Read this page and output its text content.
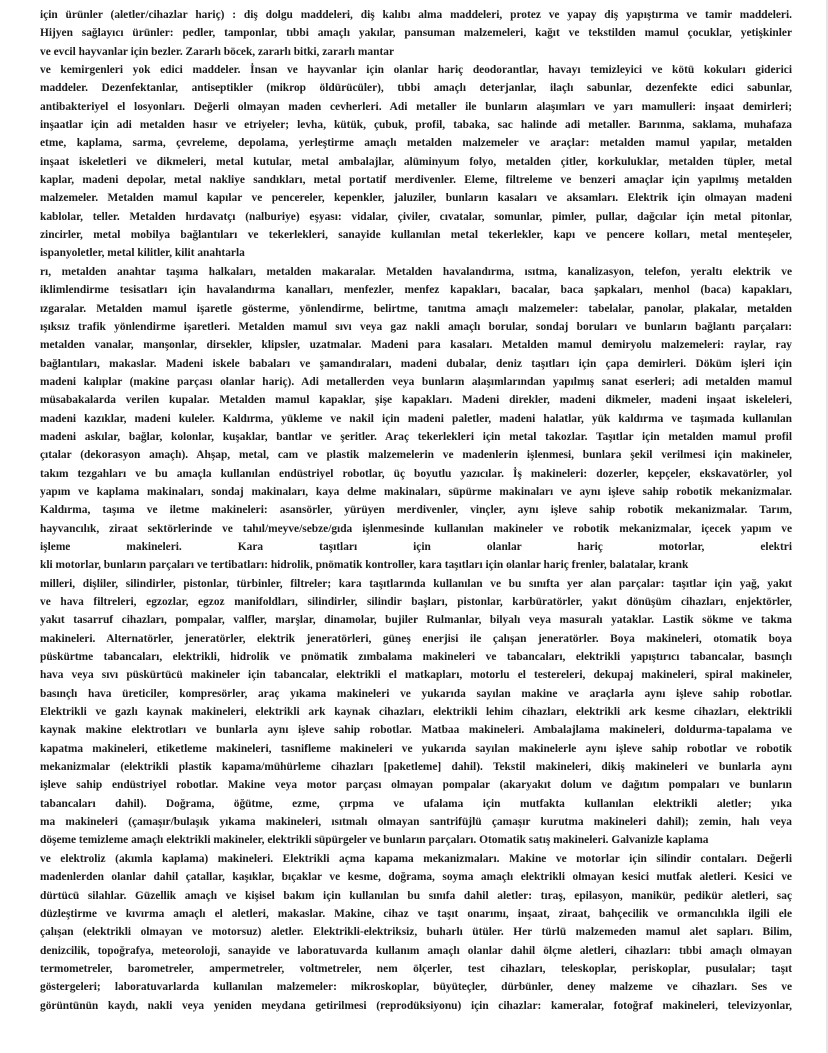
için ürünler (aletler/cihazlar hariç) : diş dolgu maddeleri, diş kalıbı alma maddeleri, protez ve yapay diş yapıştırma ve tamir maddeleri.
Hijyen sağlayıcı ürünler: pedler, tamponlar, tıbbi amaçlı yakılar, pansuman malzemeleri, kağıt ve tekstilden mamul çocuklar, yetişkinler
ve evcil hayvanlar için bezler. Zararlı böcek, zararlı bitki, zararlı mantar
ve kemirgenleri yok edici maddeler. İnsan ve hayvanlar için olanlar hariç deodorantlar, havayı temizleyici ve kötü kokuları giderici
maddeler. Dezenfektanlar, antiseptikler (mikrop öldürücüler), tıbbi amaçlı deterjanlar, ilaçlı sabunlar, dezenfekte edici sabunlar,
antibakteriyel el losyonları. Değerli olmayan maden cevherleri. Adi metaller ile bunların alaşımları ve yarı mamulleri: inşaat demirleri;
inşaatlar için adi metalden hasır ve etriyeler; levha, kütük, çubuk, profil, tabaka, sac halinde adi metaller. Barınma, saklama, muhafaza
etme, kaplama, sarma, çevreleme, depolama, yerleştirme amaçlı metalden malzemeler ve araçlar: metalden mamul yapılar, metalden
inşaat iskeletleri ve dikmeleri, metal kutular, metal ambalajlar, alüminyum folyo, metalden çitler, korkuluklar, metalden tüpler, metal
kaplar, madeni depolar, metal nakliye sandıkları, metal portatif merdivenler. Eleme, filtreleme ve benzeri amaçlar için yapılmış metalden
malzemeler. Metalden mamul kapılar ve pencereler, kepenkler, jaluziler, bunların kasaları ve aksamları. Elektrik için olmayan madeni
kablolar, teller. Metalden hırdavatçı (nalburiye) eşyası: vidalar, çiviler, cıvatalar, somunlar, pimler, pullar, dağcılar için metal pitonlar,
zincirler, metal mobilya bağlantıları ve tekerlekleri, sanayide kullanılan metal tekerlekler, kapı ve pencere kolları, metal menteşeler,
ispanyoletler, metal kilitler, kilit anahtarla
rı, metalden anahtar taşıma halkaları, metalden makaralar. Metalden havalandırma, ısıtma, kanalizasyon, telefon, yeraltı elektrik ve
iklimlendirme tesisatları için havalandırma kanalları, menfezler, menfez kapakları, bacalar, baca şapkaları, menhol (baca) kapakları,
ızgaralar. Metalden mamul işaretle gösterme, yönlendirme, belirtme, tanıtma amaçlı malzemeler: tabelalar, panolar, plakalar, metalden
ışıksız trafik yönlendirme işaretleri. Metalden mamul sıvı veya gaz nakli amaçlı borular, sondaj boruları ve bunların bağlantı parçaları:
metalden vanalar, manşonlar, dirsekler, klipsler, uzatmalar. Madeni para kasaları. Metalden mamul demiryolu malzemeleri: raylar, ray
bağlantıları, makaslar. Madeni iskele babaları ve şamandıraları, madeni dubalar, deniz taşıtları için çapa demirleri. Döküm işleri için
madeni kalıplar (makine parçası olanlar hariç). Adi metallerden veya bunların alaşımlarından yapılmış sanat eserleri; adi metalden mamul
müsabakalarda verilen kupalar. Metalden mamul kapaklar, şişe kapakları. Madeni direkler, madeni dikmeler, madeni inşaat iskeleleri,
madeni kazıklar, madeni kuleler. Kaldırma, yükleme ve nakil için madeni paletler, madeni halatlar, yük kaldırma ve taşımada kullanılan
madeni askılar, bağlar, kolonlar, kuşaklar, bantlar ve şeritler. Araç tekerlekleri için metal takozlar. Taşıtlar için metalden mamul profil
çıtalar (dekorasyon amaçlı). Ahşap, metal, cam ve plastik malzemelerin ve madenlerin işlenmesi, bunlara şekil verilmesi için makineler,
takım tezgahları ve bu amaçla kullanılan endüstriyel robotlar, üç boyutlu yazıcılar. İş makineleri: dozerler, kepçeler, ekskavatörler, yol
yapım ve kaplama makinaları, sondaj makinaları, kaya delme makinaları, süpürme makinaları ve aynı işleve sahip robotik mekanizmalar.
Kaldırma, taşıma ve iletme makineleri: asansörler, yürüyen merdivenler, vinçler, aynı işleve sahip robotik mekanizmalar. Tarım,
hayvancılık, ziraat sektörlerinde ve tahıl/meyve/sebze/gıda işlenmesinde kullanılan makineler ve robotik mekanizmalar, içecek yapım ve
işleme makineleri. Kara taşıtları için olanlar hariç motorlar, elektri
kli motorlar, bunların parçaları ve tertibatları: hidrolik, pnömatik kontroller, kara taşıtları için olanlar hariç frenler, balatalar, krank
milleri, dişliler, silindirler, pistonlar, türbinler, filtreler; kara taşıtlarında kullanılan ve bu sınıfta yer alan parçalar: taşıtlar için yağ, yakıt
ve hava filtreleri, egzozlar, egzoz manifoldları, silindirler, silindir başları, pistonlar, karbüratörler, yakıt dönüşüm cihazları, enjektörler,
yakıt tasarruf cihazları, pompalar, valfler, marşlar, dinamolar, bujiler Rulmanlar, bilyalı veya masuralı yataklar. Lastik sökme ve takma
makineleri. Alternatörler, jeneratörler, elektrik jeneratörleri, güneş enerjisi ile çalışan jeneratörler. Boya makineleri, otomatik boya
püskürtme tabancaları, elektrikli, hidrolik ve pnömatik zımbalama makineleri ve tabancaları, elektrikli yapıştırıcı tabancalar, basınçlı
hava veya sıvı püskürtücü makineler için tabancalar, elektrikli el matkapları, motorlu el testereleri, dekupaj makineleri, spiral makineler,
basınçlı hava üreticiler, kompresörler, araç yıkama makineleri ve yukarıda sayılan makine ve araçlarla aynı işleve sahip robotlar.
Elektrikli ve gazlı kaynak makineleri, elektrikli ark kaynak cihazları, elektrikli lehim cihazları, elektrikli ark kesme cihazları, elektrikli
kaynak makine elektrotları ve bunlarla aynı işleve sahip robotlar. Matbaa makineleri. Ambalajlama makineleri, doldurma-tapalama ve
kapatma makineleri, etiketleme makineleri, tasnifleme makineleri ve yukarıda sayılan makinelerle aynı işleve sahip robotlar ve robotik
mekanizmalar (elektrikli plastik kapama/mühürleme cihazları [paketleme] dahil). Tekstil makineleri, dikiş makineleri ve bunlarla aynı
işleve sahip endüstriyel robotlar. Makine veya motor parçası olmayan pompalar (akaryakıt dolum ve dağıtım pompaları ve bunların
tabancaları dahil). Doğrama, öğütme, ezme, çırpma ve ufalama için mutfakta kullanılan elektrikli aletler; yıka
ma makineleri (çamaşır/bulaşık yıkama makineleri, ısıtmalı olmayan santrifüjlü çamaşır kurutma makineleri dahil); zemin, halı veya
döşeme temizleme amaçlı elektrikli makineler, elektrikli süpürgeler ve bunların parçaları. Otomatik satış makineleri. Galvanizle kaplama
ve elektroliz (akımla kaplama) makineleri. Elektrikli açma kapama mekanizmaları. Makine ve motorlar için silindir contaları. Değerli
madenlerden olanlar dahil çatallar, kaşıklar, bıçaklar ve kesme, doğrama, soyma amaçlı elektrikli olmayan kesici mutfak aletleri. Kesici ve
dürtücü silahlar. Güzellik amaçlı ve kişisel bakım için kullanılan bu sınıfa dahil aletler: tıraş, epilasyon, manikür, pedikür aletleri, saç
düzleştirme ve kıvırma amaçlı el aletleri, makaslar. Makine, cihaz ve taşıt onarımı, inşaat, ziraat, bahçecilik ve ormancılıkla ilgili ele
çalışan (elektrikli olmayan ve motorsuz) aletler. Elektrikli-elektriksiz, buharlı ütüler. Her türlü malzemeden mamul alet sapları. Bilim,
denizcilik, topoğrafya, meteoroloji, sanayide ve laboratuvarda kullanım amaçlı olanlar dahil ölçme aletleri, cihazları: tıbbi amaçlı olmayan
termometreler, barometreler, ampermetreler, voltmetreler, nem ölçerler, test cihazları, teleskoplar, periskoplar, pusulalar; taşıt
göstergeleri; laboratuvarlarda kullanılan malzemeler: mikroskoplar, büyüteçler, dürbünler, deney malzeme ve cihazları. Ses ve
görüntünün kaydı, nakli veya yeniden meydana getirilmesi (reprodüksiyonu) için cihazlar: kameralar, fotoğraf makineleri, televizyonlar,
